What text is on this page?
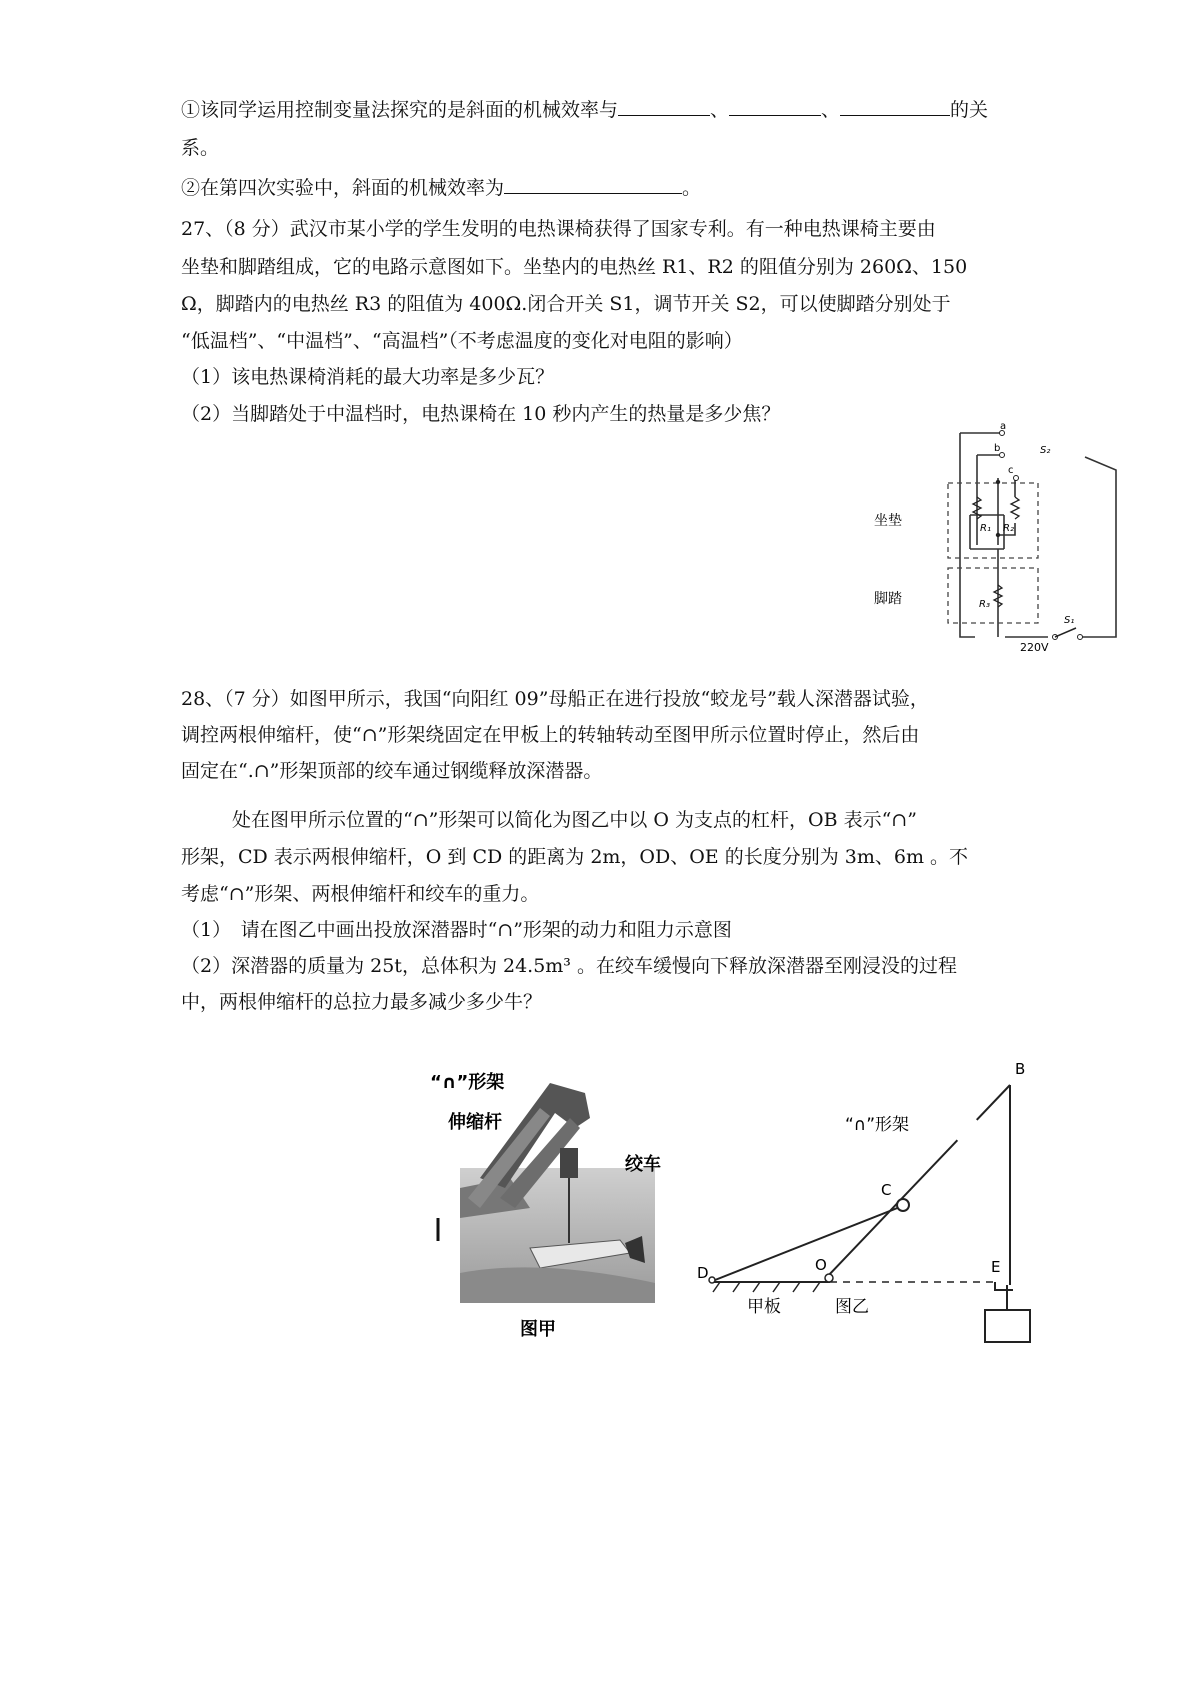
①该同学运用控制变量法探究的是斜面的机械效率与	、	、	的关
系。
②在第四次实验中，斜面的机械效率为	。
27、（8 分）武汉市某小学的学生发明的电热课椅获得了国家专利。有一种电热课椅主要由
坐垫和脚踏组成，它的电路示意图如下。坐垫内的电热丝 R1、R2 的阻值分别为 260Ω、150
Ω，脚踏内的电热丝 R3 的阻值为 400Ω.闭合开关 S1，调节开关 S2，可以使脚踏分别处于
“低温档”、“中温档”、“高温档”（不考虑温度的变化对电阻的影响）
（1）该电热课椅消耗的最大功率是多少瓦？
（2）当脚踏处于中温档时，电热课椅在 10 秒内产生的热量是多少焦？
坐垫
脚踏
R₁ R₂
R₃
a
b
c
S₂
S₁
220V
28、（7 分）如图甲所示，我国“向阳红 09”母船正在进行投放“蛟龙号”载人深潜器试验，
调控两根伸缩杆，使“∩”形架绕固定在甲板上的转轴转动至图甲所示位置时停止，然后由
固定在“.∩”形架顶部的绞车通过钢缆释放深潜器。
处在图甲所示位置的“∩”形架可以简化为图乙中以 O 为支点的杠杆，OB 表示“∩”
形架，CD 表示两根伸缩杆，O 到 CD 的距离为 2m，OD、OE 的长度分别为 3m、6m 。不
考虑“∩”形架、两根伸缩杆和绞车的重力。
（1）　请在图乙中画出投放深潜器时“∩”形架的动力和阻力示意图
（2）深潜器的质量为 25t，总体积为 24.5m³ 。在绞车缓慢向下释放深潜器至刚浸没的过程
中，两根伸缩杆的总拉力最多减少多少牛？
“∩”形架
伸缩杆
绞车
图甲
B
C
D	O	E
“∩”形架
甲板	图乙
